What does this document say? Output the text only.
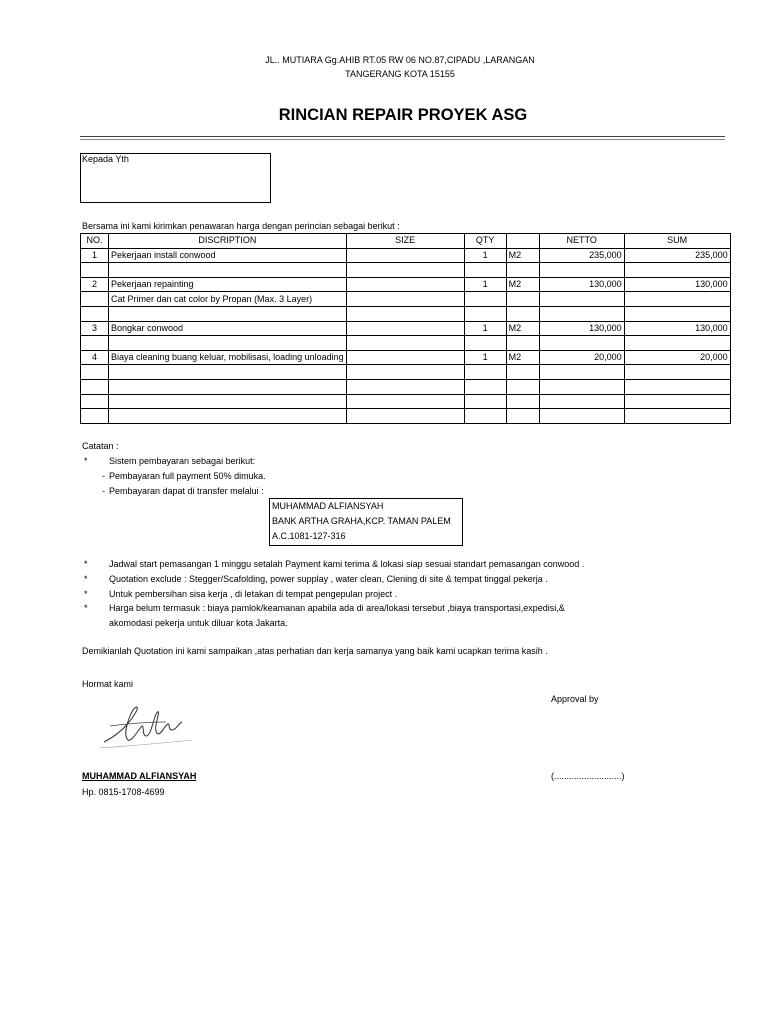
JL.. MUTIARA Gg.AHIB RT.05 RW 06 NO.87,CIPADU ,LARANGAN
TANGERANG KOTA 15155
RINCIAN REPAIR PROYEK ASG
Kepada Yth
Bersama ini kami kirimkan penawaran harga dengan perincian sebagai berikut :
NO.	DISCRIPTION	SIZE	QTY		NETTO	SUM
1	Pekerjaan install conwood		1	M2	235,000	235,000

2	Pekerjaan repainting		1	M2	130,000	130,000
	Cat Primer dan cat color by Propan (Max. 3 Layer)					

3	Bongkar conwood		1	M2	130,000	130,000

4	Biaya cleaning buang keluar, mobilisasi, loading unloading		1	M2	20,000	20,000

Catatan :
* Sistem pembayaran sebagai berikut:
- Pembayaran full payment 50% dimuka.
- Pembayaran dapat di transfer melalui :
MUHAMMAD ALFIANSYAH
BANK ARTHA GRAHA,KCP. TAMAN PALEM
A.C.1081-127-316
* Jadwal start pemasangan 1 minggu setalah Payment kami terima & lokasi siap sesuai standart pemasangan conwood .
* Quotation exclude : Stegger/Scafolding, power supplay , water clean, Clening di site & tempat tinggal pekerja .
* Untuk pembersihan sisa kerja , di letakan di tempat pengepulan project .
* Harga belum termasuk : biaya pamlok/keamanan apabila ada di area/lokasi tersebut ,biaya transportasi,expedisi,&
akomodasi pekerja untuk diluar kota Jakarta.
Demikianlah Quotation ini kami sampaikan ,atas perhatian dan kerja samanya yang baik kami ucapkan terima kasih .
Hormat kami
Approval by
MUHAMMAD ALFIANSYAH
Hp. 0815-1708-4699
(...........................)
